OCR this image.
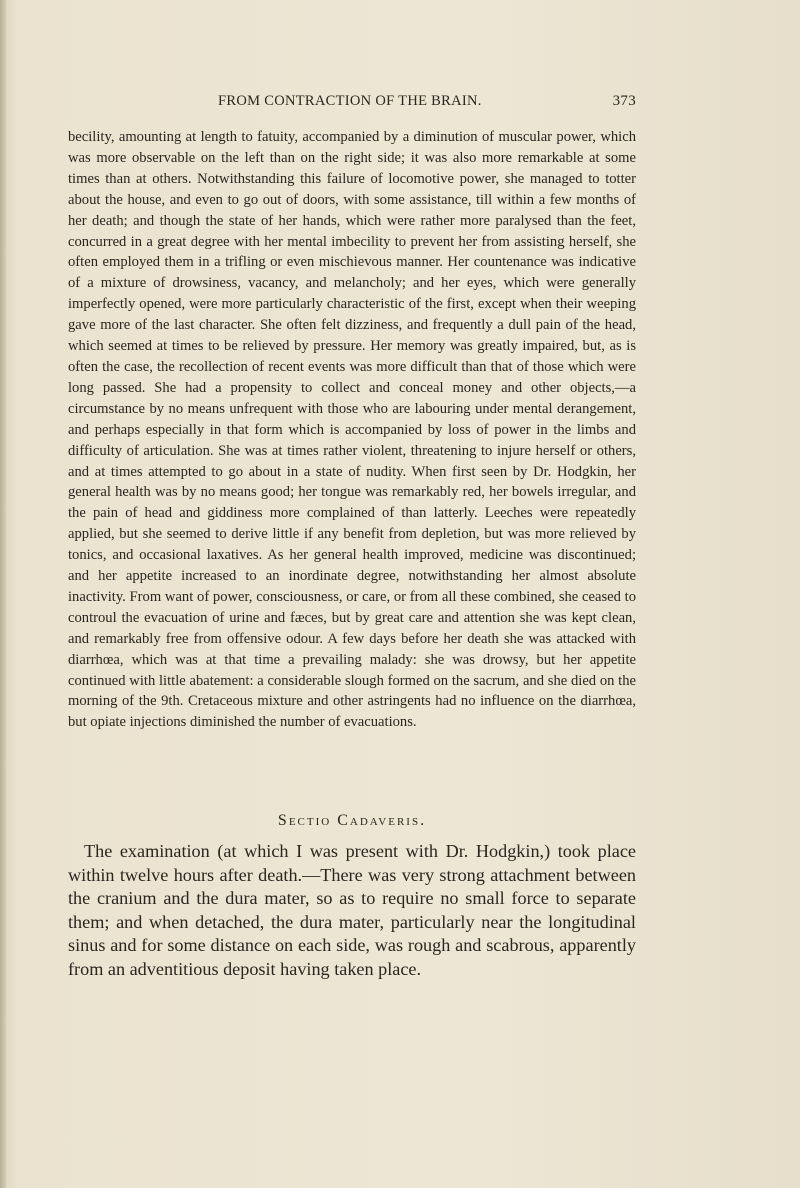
FROM CONTRACTION OF THE BRAIN.	373

becility, amounting at length to fatuity, accompanied by a diminution of muscular power, which was more observable on the left than on the right side; it was also more remarkable at some times than at others. Notwithstanding this failure of locomotive power, she managed to totter about the house, and even to go out of doors, with some assistance, till within a few months of her death; and though the state of her hands, which were rather more paralysed than the feet, concurred in a great degree with her mental imbecility to prevent her from assisting herself, she often employed them in a trifling or even mischievous manner. Her countenance was indicative of a mixture of drowsiness, vacancy, and melancholy; and her eyes, which were generally imperfectly opened, were more particularly characteristic of the first, except when their weeping gave more of the last character. She often felt dizziness, and frequently a dull pain of the head, which seemed at times to be relieved by pressure. Her memory was greatly impaired, but, as is often the case, the recollection of recent events was more difficult than that of those which were long passed. She had a propensity to collect and conceal money and other objects,—a circumstance by no means unfrequent with those who are labouring under mental derangement, and perhaps especially in that form which is accompanied by loss of power in the limbs and difficulty of articulation. She was at times rather violent, threatening to injure herself or others, and at times attempted to go about in a state of nudity. When first seen by Dr. Hodgkin, her general health was by no means good; her tongue was remarkably red, her bowels irregular, and the pain of head and giddiness more complained of than latterly. Leeches were repeatedly applied, but she seemed to derive little if any benefit from depletion, but was more relieved by tonics, and occasional laxatives. As her general health improved, medicine was discontinued; and her appetite increased to an inordinate degree, notwithstanding her almost absolute inactivity. From want of power, consciousness, or care, or from all these combined, she ceased to controul the evacuation of urine and fæces, but by great care and attention she was kept clean, and remarkably free from offensive odour. A few days before her death she was attacked with diarrhœa, which was at that time a prevailing malady: she was drowsy, but her appetite continued with little abatement: a considerable slough formed on the sacrum, and she died on the morning of the 9th. Cretaceous mixture and other astringents had no influence on the diarrhœa, but opiate injections diminished the number of evacuations.

Sectio Cadaveris.

The examination (at which I was present with Dr. Hodgkin,) took place within twelve hours after death.—There was very strong attachment between the cranium and the dura mater, so as to require no small force to separate them; and when detached, the dura mater, particularly near the longitudinal sinus and for some distance on each side, was rough and scabrous, apparently from an adventitious deposit having taken place.
